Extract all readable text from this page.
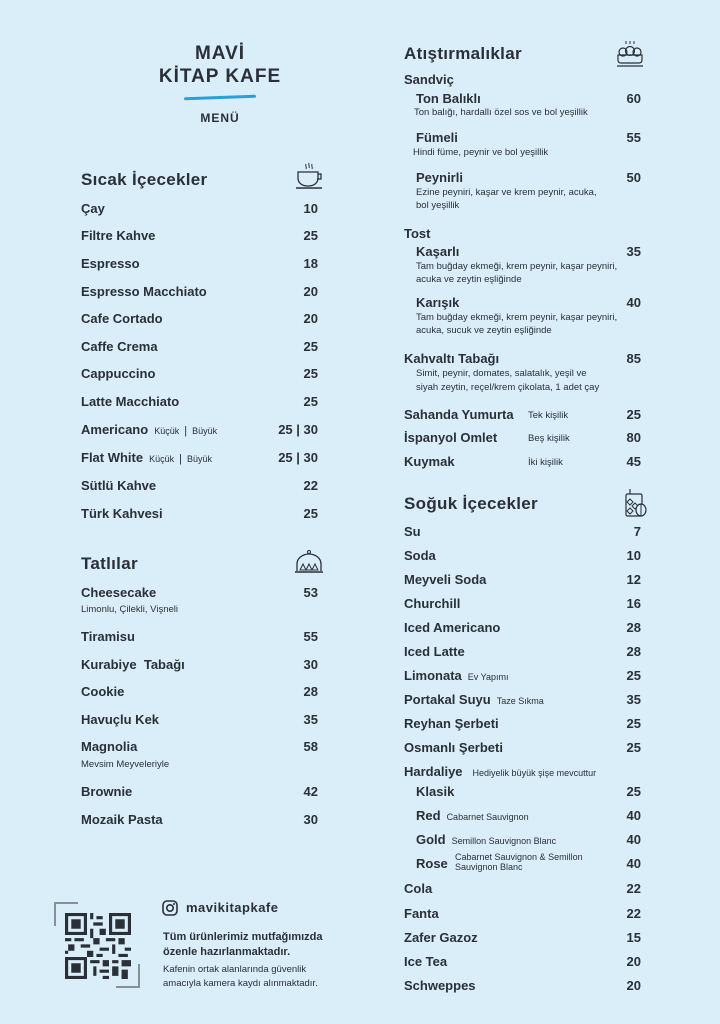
MAVİ
KİTAP KAFE
MENÜ
Sıcak İçecekler
Çay	10
Filtre Kahve	25
Espresso	18
Espresso Macchiato	20
Cafe Cortado	20
Caffe Crema	25
Cappuccino	25
Latte Macchiato	25
Americano Küçük | Büyük	25 | 30
Flat White Küçük | Büyük	25 | 30
Sütlü Kahve	22
Türk Kahvesi	25
Tatlılar
Cheesecake	53
Limonlu, Çilekli, Vişneli
Tiramisu	55
Kurabiye  Tabağı	30
Cookie	28
Havuçlu Kek	35
Magnolia	58
Mevsim Meyveleriyle
Brownie	42
Mozaik Pasta	30
mavikitapkafe
Tüm ürünlerimiz mutfağımızda
özenle hazırlanmaktadır.
Kafenin ortak alanlarında güvenlik
amacıyla kamera kaydı alınmaktadır.
Atıştırmalıklar
Sandviç
Ton Balıklı	60
Ton balığı, hardallı özel sos ve bol yeşillik
Fümeli	55
Hindi füme, peynir ve bol yeşillik
Peynirli	50
Ezine peyniri, kaşar ve krem peynir, acuka,
bol yeşillik
Tost
Kaşarlı	35
Tam buğday ekmeği, krem peynir, kaşar peyniri,
acuka ve zeytin eşliğinde
Karışık	40
Tam buğday ekmeği, krem peynir, kaşar peyniri,
acuka, sucuk ve zeytin eşliğinde
Kahvaltı Tabağı	85
Simit, peynir, domates, salatalık, yeşil ve
siyah zeytin, reçel/krem çikolata, 1 adet çay
Sahanda Yumurta	25
Tek kişilik
İspanyol Omlet	80
Beş kişilik
Kuymak	45
İki kişilik
Soğuk İçecekler
Su	7
Soda	10
Meyveli Soda	12
Churchill	16
Iced Americano	28
Iced Latte	28
Limonata Ev Yapımı	25
Portakal Suyu Taze Sıkma	35
Reyhan Şerbeti	25
Osmanlı Şerbeti	25
Hardaliye Hediyelik büyük şişe mevcuttur
Klasik	25
Red Cabarnet Sauvignon	40
Gold Semillon Sauvignon Blanc	40
Rose	40
Cabarnet Sauvignon & Semillon
Sauvignon Blanc
Cola	22
Fanta	22
Zafer Gazoz	15
Ice Tea	20
Schweppes	20
